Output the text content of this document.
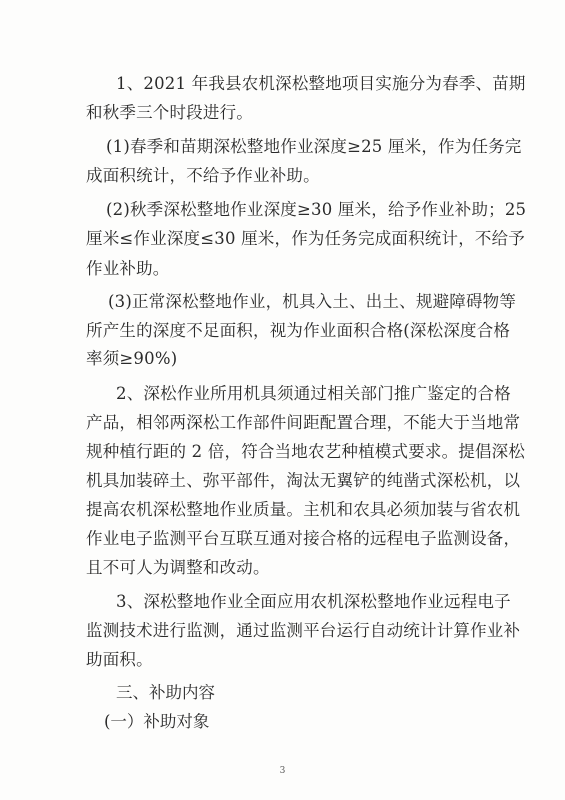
1、2021 年我县农机深松整地项目实施分为春季、苗期
和秋季三个时段进行。
(1)春季和苗期深松整地作业深度≥25 厘米，作为任务完
成面积统计，不给予作业补助。
(2)秋季深松整地作业深度≥30 厘米，给予作业补助；25
厘米≤作业深度≤30 厘米，作为任务完成面积统计，不给予
作业补助。
(3)正常深松整地作业，机具入土、出土、规避障碍物等
所产生的深度不足面积，视为作业面积合格(深松深度合格
率须≥90%)
2、深松作业所用机具须通过相关部门推广鉴定的合格
产品，相邻两深松工作部件间距配置合理，不能大于当地常
规种植行距的 2 倍，符合当地农艺种植模式要求。提倡深松
机具加装碎土、弥平部件，淘汰无翼铲的纯凿式深松机，以
提高农机深松整地作业质量。主机和农具必须加装与省农机
作业电子监测平台互联互通对接合格的远程电子监测设备，
且不可人为调整和改动。
3、深松整地作业全面应用农机深松整地作业远程电子
监测技术进行监测，通过监测平台运行自动统计计算作业补
助面积。
三、补助内容
(一）补助对象
3
